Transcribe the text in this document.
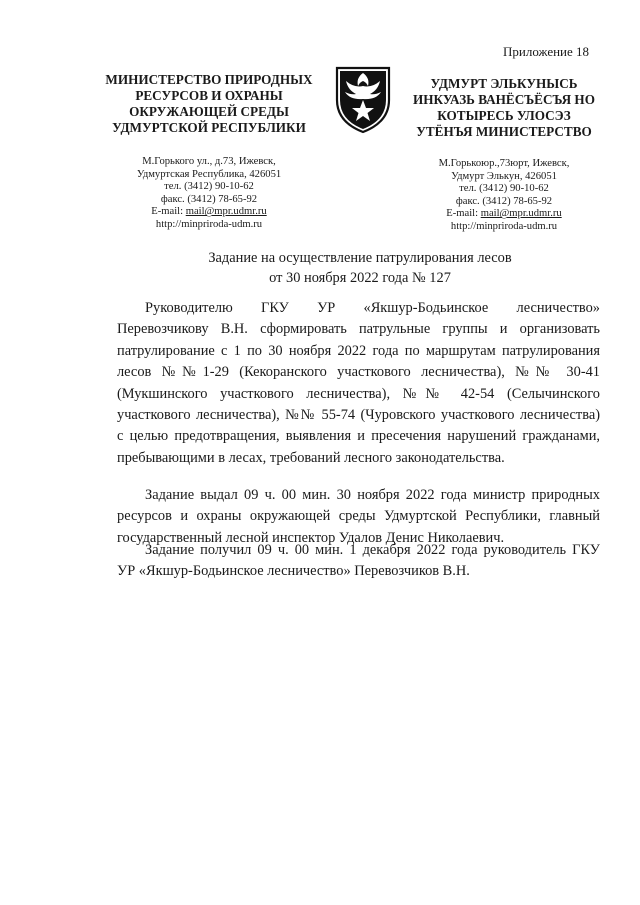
Приложение 18
МИНИСТЕРСТВО ПРИРОДНЫХ
РЕСУРСОВ И ОХРАНЫ
ОКРУЖАЮЩЕЙ СРЕДЫ
УДМУРТСКОЙ РЕСПУБЛИКИ
М.Горького ул., д.73, Ижевск,
Удмуртская Республика, 426051
тел. (3412) 90-10-62
факс. (3412) 78-65-92
E-mail: mail@mpr.udmr.ru
http://minpriroda-udm.ru
УДМУРТ ЭЛЬКУНЫСЬ
ИНКУАЗЬ ВАНЁСЪЁСЪЯ НО
КОТЫРЕСЬ УЛОСЭЗ
УТЁНЪЯ МИНИСТЕРСТВО
М.Горькоюр.,73юрт, Ижевск,
Удмурт Элькун, 426051
тел. (3412) 90-10-62
факс. (3412) 78-65-92
E-mail: mail@mpr.udmr.ru
http://minpriroda-udm.ru
Задание на осуществление патрулирования лесов
от 30 ноября 2022 года № 127
Руководителю ГКУ УР «Якшур-Бодьинское лесничество»
Перевозчикову В.Н. сформировать патрульные группы и организовать
патрулирование с 1 по 30 ноября 2022 года по маршрутам патрулирования
лесов №№1-29 (Кекоранского участкового лесничества), №№ 30-41
(Мукшинского участкового лесничества), №№ 42-54 (Селычинского
участкового лесничества), №№ 55-74 (Чуровского участкового лесничества)
с целью предотвращения, выявления и пресечения нарушений гражданами,
пребывающими в лесах, требований лесного законодательства.
Задание выдал 09 ч. 00 мин. 30 ноября 2022 года министр природных
ресурсов и охраны окружающей среды Удмуртской Республики, главный
государственный лесной инспектор Удалов Денис Николаевич.
Задание получил 09 ч. 00 мин. 1 декабря 2022 года руководитель ГКУ
УР «Якшур-Бодьинское лесничество» Перевозчиков В.Н.
